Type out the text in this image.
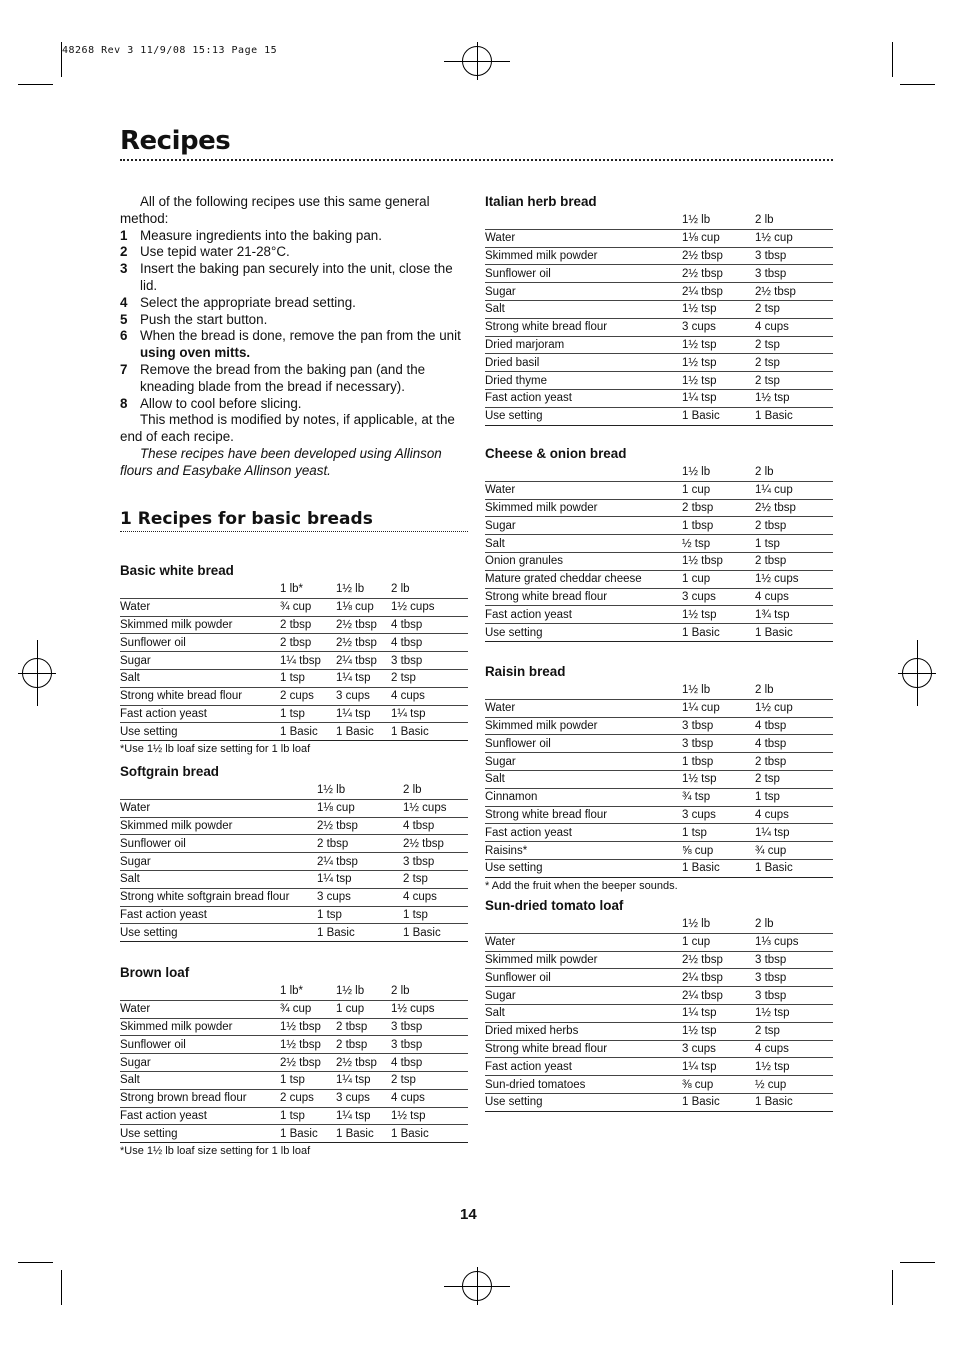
48268 Rev 3 11/9/08 15:13 Page 15
Recipes

All of the following recipes use this same general method:

1 Measure ingredients into the baking pan.
2 Use tepid water 21-28°C.
3 Insert the baking pan securely into the unit, close the lid.
4 Select the appropriate bread setting.
5 Push the start button.
6 When the bread is done, remove the pan from the unit using oven mitts.
7 Remove the bread from the baking pan (and the kneading blade from the bread if necessary).
8 Allow to cool before slicing.

This method is modified by notes, if applicable, at the end of each recipe.

These recipes have been developed using Allinson flours and Easybake Allinson yeast.

1 Recipes for basic breads
Basic white bread
	1 lb*	1½ lb	2 lb
Water	¾ cup	1⅛ cup	1½ cups
Skimmed milk powder	2 tbsp	2½ tbsp	4 tbsp
Sunflower oil	2 tbsp	2½ tbsp	4 tbsp
Sugar	1¼ tbsp	2¼ tbsp	3 tbsp
Salt	1 tsp	1¼ tsp	2 tsp
Strong white bread flour	2 cups	3 cups	4 cups
Fast action yeast	1 tsp	1¼ tsp	1¼ tsp
Use setting	1 Basic	1 Basic	1 Basic
*Use 1½ lb loaf size setting for 1 lb loaf
Softgrain bread
	1½ lb	2 lb
Water	1⅛ cup	1½ cups
Skimmed milk powder	2½ tbsp	4 tbsp
Sunflower oil	2 tbsp	2½ tbsp
Sugar	2¼ tbsp	3 tbsp
Salt	1¼ tsp	2 tsp
Strong white softgrain bread flour	3 cups	4 cups
Fast action yeast	1 tsp	1 tsp
Use setting	1 Basic	1 Basic
Brown loaf
	1 lb*	1½ lb	2 lb
Water	¾ cup	1 cup	1½ cups
Skimmed milk powder	1½ tbsp	2 tbsp	3 tbsp
Sunflower oil	1½ tbsp	2 tbsp	3 tbsp
Sugar	2½ tbsp	2½ tbsp	4 tbsp
Salt	1 tsp	1¼ tsp	2 tsp
Strong brown bread flour	2 cups	3 cups	4 cups
Fast action yeast	1 tsp	1¼ tsp	1½ tsp
Use setting	1 Basic	1 Basic	1 Basic
*Use 1½ lb loaf size setting for 1 lb loaf
Italian herb bread
	1½ lb	2 lb
Water	1⅛ cup	1½ cup
Skimmed milk powder	2½ tbsp	3 tbsp
Sunflower oil	2½ tbsp	3 tbsp
Sugar	2¼ tbsp	2½ tbsp
Salt	1½ tsp	2 tsp
Strong white bread flour	3 cups	4 cups
Dried marjoram	1½ tsp	2 tsp
Dried basil	1½ tsp	2 tsp
Dried thyme	1½ tsp	2 tsp
Fast action yeast	1¼ tsp	1½ tsp
Use setting	1 Basic	1 Basic
Cheese & onion bread
	1½ lb	2 lb
Water	1 cup	1¼ cup
Skimmed milk powder	2 tbsp	2½ tbsp
Sugar	1 tbsp	2 tbsp
Salt	½ tsp	1 tsp
Onion granules	1½ tbsp	2 tbsp
Mature grated cheddar cheese	1 cup	1½ cups
Strong white bread flour	3 cups	4 cups
Fast action yeast	1½ tsp	1¾ tsp
Use setting	1 Basic	1 Basic
Raisin bread
	1½ lb	2 lb
Water	1¼ cup	1½ cup
Skimmed milk powder	3 tbsp	4 tbsp
Sunflower oil	3 tbsp	4 tbsp
Sugar	1 tbsp	2 tbsp
Salt	1½ tsp	2 tsp
Cinnamon	¾ tsp	1 tsp
Strong white bread flour	3 cups	4 cups
Fast action yeast	1 tsp	1¼ tsp
Raisins*	⅝ cup	¾ cup
Use setting	1 Basic	1 Basic
* Add the fruit when the beeper sounds.
Sun-dried tomato loaf
	1½ lb	2 lb
Water	1 cup	1⅓ cups
Skimmed milk powder	2½ tbsp	3 tbsp
Sunflower oil	2¼ tbsp	3 tbsp
Sugar	2¼ tbsp	3 tbsp
Salt	1¼ tsp	1½ tsp
Dried mixed herbs	1½ tsp	2 tsp
Strong white bread flour	3 cups	4 cups
Fast action yeast	1¼ tsp	1½ tsp
Sun-dried tomatoes	⅜ cup	½ cup
Use setting	1 Basic	1 Basic
14
